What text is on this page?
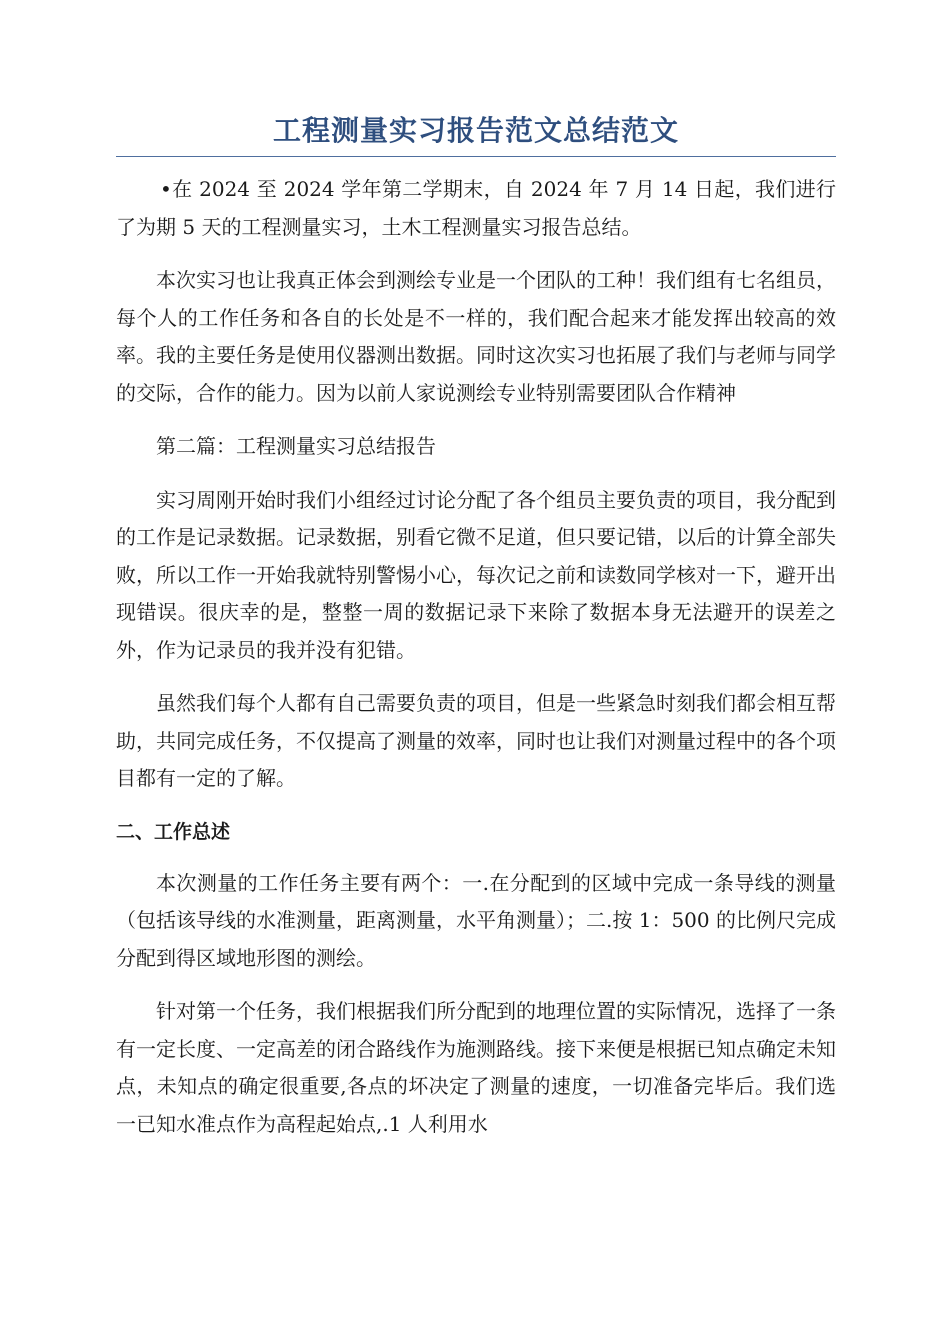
工程测量实习报告范文总结范文

•在 2024 至 2024 学年第二学期末，自 2024 年 7 月 14 日起，我们进行了为期 5 天的工程测量实习，土木工程测量实习报告总结。

本次实习也让我真正体会到测绘专业是一个团队的工种！我们组有七名组员，每个人的工作任务和各自的长处是不一样的，我们配合起来才能发挥出较高的效率。我的主要任务是使用仪器测出数据。同时这次实习也拓展了我们与老师与同学的交际，合作的能力。因为以前人家说测绘专业特别需要团队合作精神

第二篇：工程测量实习总结报告

实习周刚开始时我们小组经过讨论分配了各个组员主要负责的项目，我分配到的工作是记录数据。记录数据，别看它微不足道，但只要记错，以后的计算全部失败，所以工作一开始我就特别警惕小心，每次记之前和读数同学核对一下，避开出现错误。很庆幸的是，整整一周的数据记录下来除了数据本身无法避开的误差之外，作为记录员的我并没有犯错。

虽然我们每个人都有自己需要负责的项目，但是一些紧急时刻我们都会相互帮助，共同完成任务，不仅提高了测量的效率，同时也让我们对测量过程中的各个项目都有一定的了解。

二、工作总述

本次测量的工作任务主要有两个：一.在分配到的区域中完成一条导线的测量（包括该导线的水准测量，距离测量，水平角测量）；二.按 1：500 的比例尺完成分配到得区域地形图的测绘。

针对第一个任务，我们根据我们所分配到的地理位置的实际情况，选择了一条有一定长度、一定高差的闭合路线作为施测路线。接下来便是根据已知点确定未知点，未知点的确定很重要,各点的坏决定了测量的速度，一切准备完毕后。我们选一已知水准点作为高程起始点,.1 人利用水
